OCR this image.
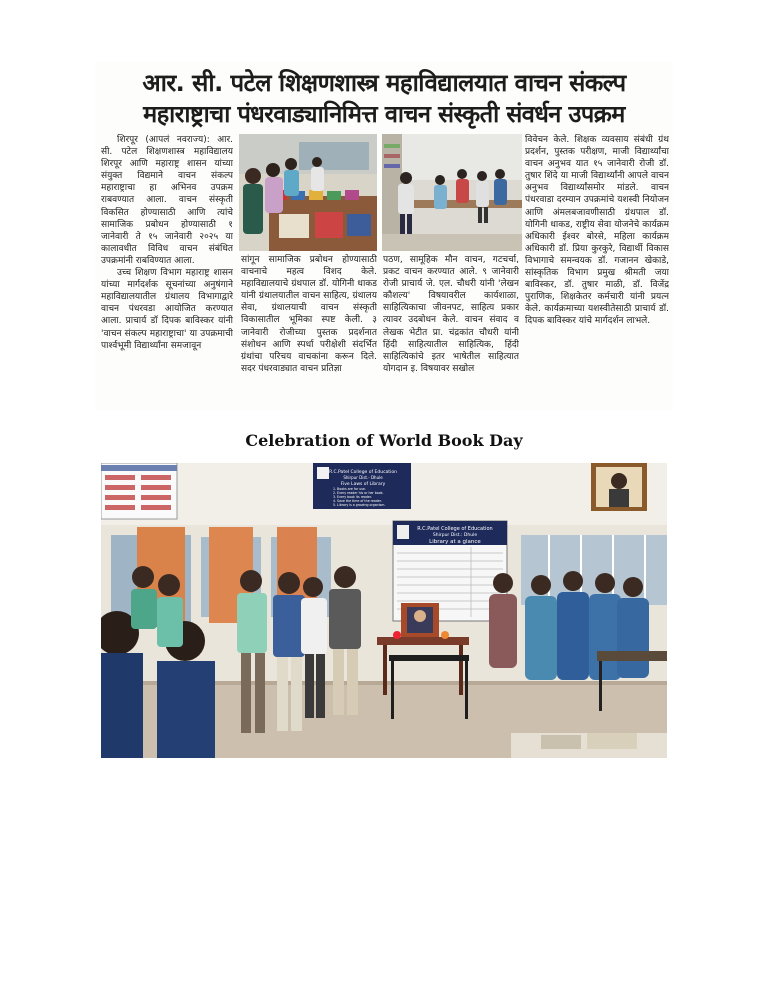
आर. सी. पटेल शिक्षणशास्त्र महाविद्यालयात वाचन संकल्प
महाराष्ट्राचा पंधरवाड्यानिमित्त वाचन संस्कृती संवर्धन उपक्रम

शिरपूर (आपलं नवराज्य): आर. सी. पटेल शिक्षणशास्त्र महाविद्यालय शिरपूर आणि महाराष्ट्र शासन यांच्या संयुक्त विद्यमाने वाचन संकल्प महाराष्ट्राचा हा अभिनव उपक्रम राबवण्यात आला. वाचन संस्कृती विकसित होण्यासाठी आणि त्यांचे सामाजिक प्रबोधन होण्यासाठी १ जानेवारी ते १५ जानेवारी २०२५ या कालावधीत विविध वाचन संबंधित उपक्रमांनी राबविण्यात आला.

उच्च शिक्षण विभाग महाराष्ट्र शासन यांच्या मार्गदर्शक सूचनांच्या अनुषंगाने महाविद्यालयातील ग्रंथालय विभागाद्वारे वाचन पंधरवडा आयोजित करण्यात आला. प्राचार्य डॉ दिपक बाविस्कर यांनी 'वाचन संकल्प महाराष्ट्राचा' या उपक्रमाची पार्श्वभूमी विद्यार्थ्यांना समजावून

सांगून सामाजिक प्रबोधन होण्यासाठी वाचनाचे महत्व विशद केले. महाविद्यालयाचे ग्रंथपाल डॉ. योगिनी धाकड यांनी ग्रंथालयातील वाचन साहित्य, ग्रंथालय सेवा, ग्रंथालयाची वाचन संस्कृती विकासातील भूमिका स्पष्ट केली. ३ जानेवारी रोजीच्या पुस्तक प्रदर्शनात संशोधन आणि स्पर्धा परीक्षेशी संदर्भित ग्रंथांचा परिचय वाचकांना करून दिले. सदर पंधरवाड्यात वाचन प्रतिज्ञा

पठण, सामूहिक मौन वाचन, गटचर्चा, प्रकट वाचन करण्यात आले. ९ जानेवारी रोजी प्राचार्य जे. एल. चौधरी यांनी 'लेखन कौशल्य' विषयावरील कार्यशाळा, साहित्यिकाचा जीवनपट, साहित्य प्रकार त्यावर उदबोधन केले. वाचन संवाद व लेखक भेटीत प्रा. चंद्रकांत चौधरी यांनी हिंदी साहित्यातील साहित्यिक, हिंदी साहित्यिकांचे इतर भाषेतील साहित्यात योगदान इ. विषयावर सखोल

विवेचन केले. शिक्षक व्यवसाय संबंधी ग्रंथ प्रदर्शन, पुस्तक परीक्षण, माजी विद्यार्थ्यांचा वाचन अनुभव यात १५ जानेवारी रोजी डॉ. तुषार शिंदे या माजी विद्यार्थ्यांनी आपले वाचन अनुभव विद्यार्थ्यांसमोर मांडले. वाचन पंधरवाडा दरम्यान उपक्रमांचे यशस्वी नियोजन आणि अंमलबजावणीसाठी ग्रंथपाल डॉ. योगिनी धाकड, राष्ट्रीय सेवा योजनेचे कार्यक्रम अधिकारी ईश्वर बोरसे, महिला कार्यक्रम अधिकारी डॉ. प्रिया कुरकुरे, विद्यार्थी विकास विभागाचे समन्वयक डॉ. गजानन खेकाडे, सांस्कृतिक विभाग प्रमुख श्रीमती जया बाविस्कर, डॉ. तुषार माळी, डॉ. विजेंद्र पुराणिक, शिक्षकेतर कर्मचारी यांनी प्रयत्न केले. कार्यक्रमाच्या यशस्वीतेसाठी प्राचार्य डॉ. दिपक बाविस्कर यांचे मार्गदर्शन लाभले.

Celebration of World Book Day
R.C.Patel College of Education
Shirpur Dist.- Dhule
Five Laws of Library
1. Books are for use.
2. Every reader his or her book.
3. Every book its reader.
4. Save the time of the reader.
5. Library is a growing organism.
R.C.Patel College of Education
Shirpur Dist.: Dhule
Library at a glance
